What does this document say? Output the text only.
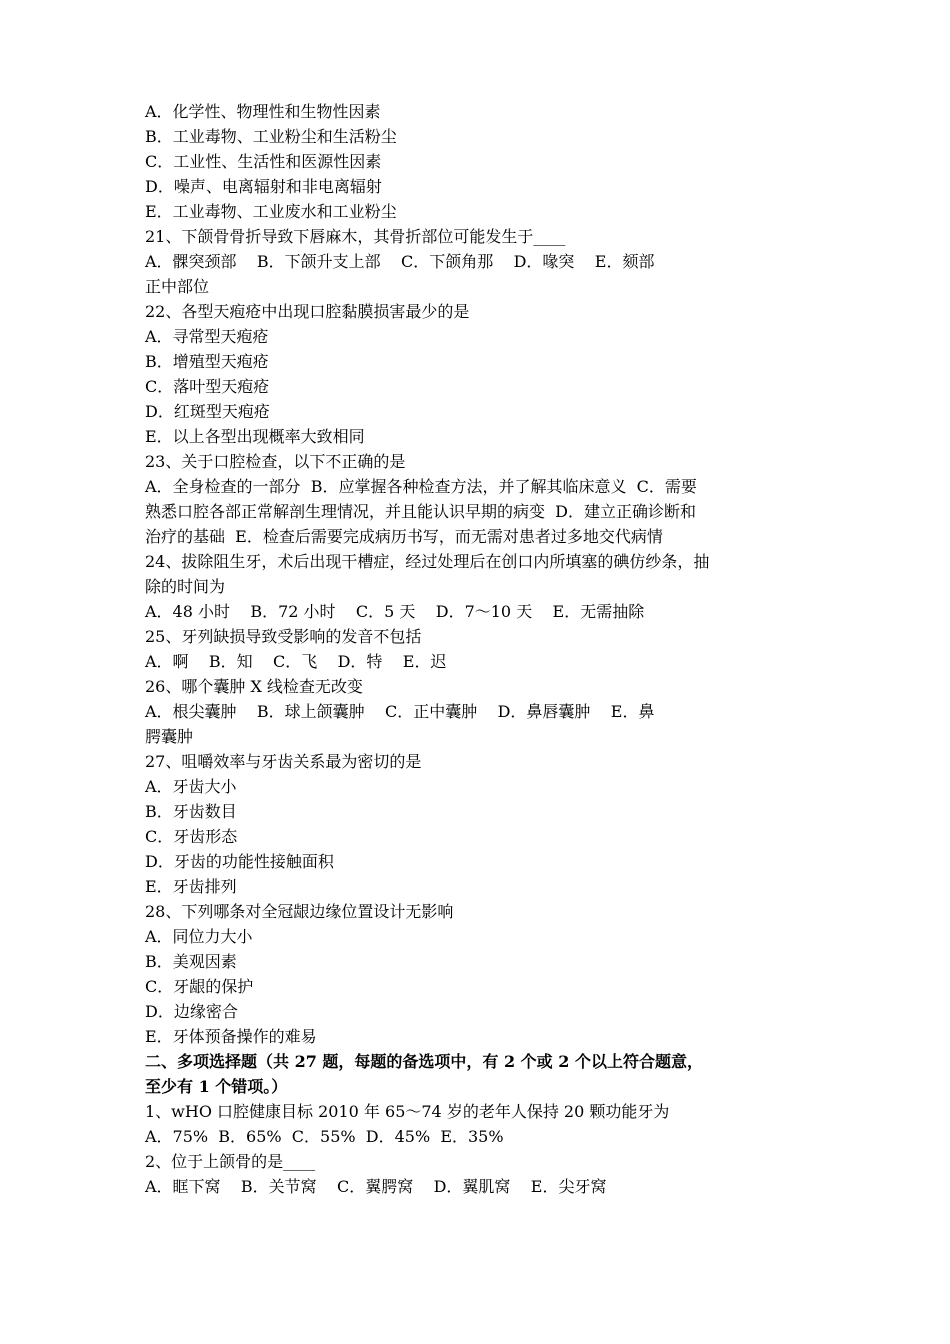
A．化学性、物理性和生物性因素
B．工业毒物、工业粉尘和生活粉尘
C．工业性、生活性和医源性因素
D．噪声、电离辐射和非电离辐射
E．工业毒物、工业废水和工业粉尘
21、下颌骨骨折导致下唇麻木，其骨折部位可能发生于____
A．髁突颈部    B．下颌升支上部    C．下颌角那    D．喙突    E．颏部
正中部位
22、各型天疱疮中出现口腔黏膜损害最少的是
A．寻常型天疱疮
B．增殖型天疱疮
C．落叶型天疱疮
D．红斑型天疱疮
E．以上各型出现概率大致相同
23、关于口腔检查，以下不正确的是
A．全身检查的一部分  B．应掌握各种检查方法，并了解其临床意义  C．需要
熟悉口腔各部正常解剖生理情况，并且能认识早期的病变  D．建立正确诊断和
治疗的基础  E．检查后需要完成病历书写，而无需对患者过多地交代病情
24、拔除阻生牙，术后出现干槽症，经过处理后在创口内所填塞的碘仿纱条，抽
除的时间为
A．48 小时    B．72 小时    C．5 天    D．7～10 天    E．无需抽除
25、牙列缺损导致受影响的发音不包括
A．啊    B．知    C．飞    D．特    E．迟
26、哪个囊肿 X 线检查无改变
A．根尖囊肿    B．球上颌囊肿    C．正中囊肿    D．鼻唇囊肿    E．鼻
腭囊肿
27、咀嚼效率与牙齿关系最为密切的是
A．牙齿大小
B．牙齿数目
C．牙齿形态
D．牙齿的功能性接触面积
E．牙齿排列
28、下列哪条对全冠龈边缘位置设计无影响
A．同位力大小
B．美观因素
C．牙龈的保护
D．边缘密合
E．牙体预备操作的难易
二、多项选择题（共 27 题，每题的备选项中，有 2 个或 2 个以上符合题意，
至少有 1 个错项。）
1、wHO 口腔健康目标 2010 年 65～74 岁的老年人保持 20 颗功能牙为
A．75%  B．65%  C．55%  D．45%  E．35%
2、位于上颌骨的是____
A．眶下窝    B．关节窝    C．翼腭窝    D．翼肌窝    E．尖牙窝
